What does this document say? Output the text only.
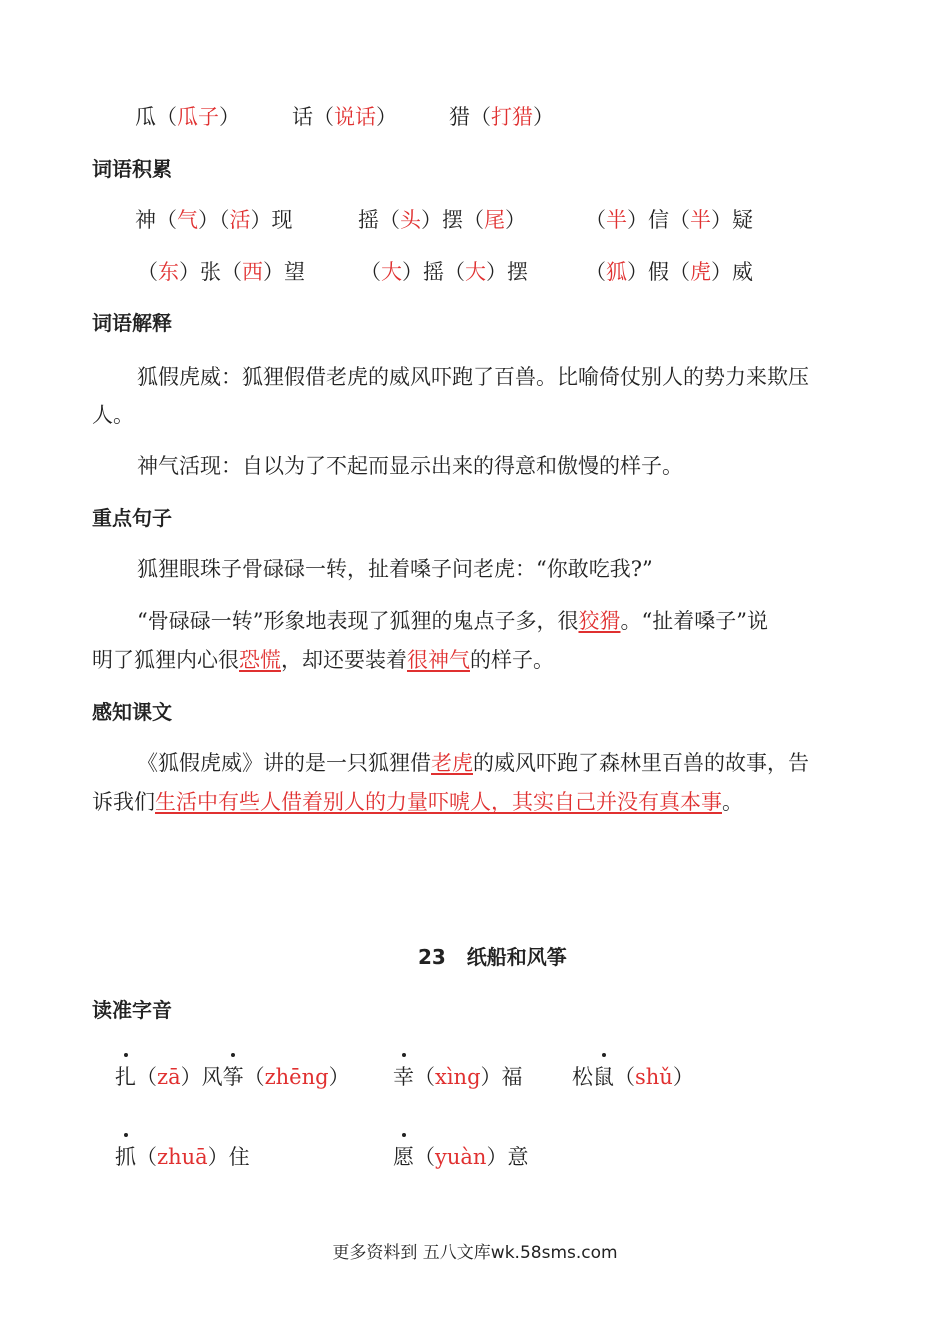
瓜（瓜子） 话（说话） 猎（打猎）
词语积累
神（气）（活）现	摇（头）摆（尾）	（半）信（半）疑
（东）张（西）望	（大）摇（大）摆	（狐）假（虎）威
词语解释
狐假虎威：狐狸假借老虎的威风吓跑了百兽。比喻倚仗别人的势力来欺压
人。
神气活现：自以为了不起而显示出来的得意和傲慢的样子。
重点句子
狐狸眼珠子骨碌碌一转，扯着嗓子问老虎：“你敢吃我?”
“骨碌碌一转”形象地表现了狐狸的鬼点子多，很狡猾。“扯着嗓子”说
明了狐狸内心很恐慌，却还要装着很神气的样子。
感知课文
《狐假虎威》讲的是一只狐狸借老虎的威风吓跑了森林里百兽的故事，告
诉我们生活中有些人借着别人的力量吓唬人，其实自己并没有真本事。
23   纸船和风筝
读准字音
扎（zā）风筝（zhēng） 幸（xìng）福 松鼠（shǔ）
抓（zhuā）住	愿（yuàn）意
更多资料到 五八文库wk.58sms.com
